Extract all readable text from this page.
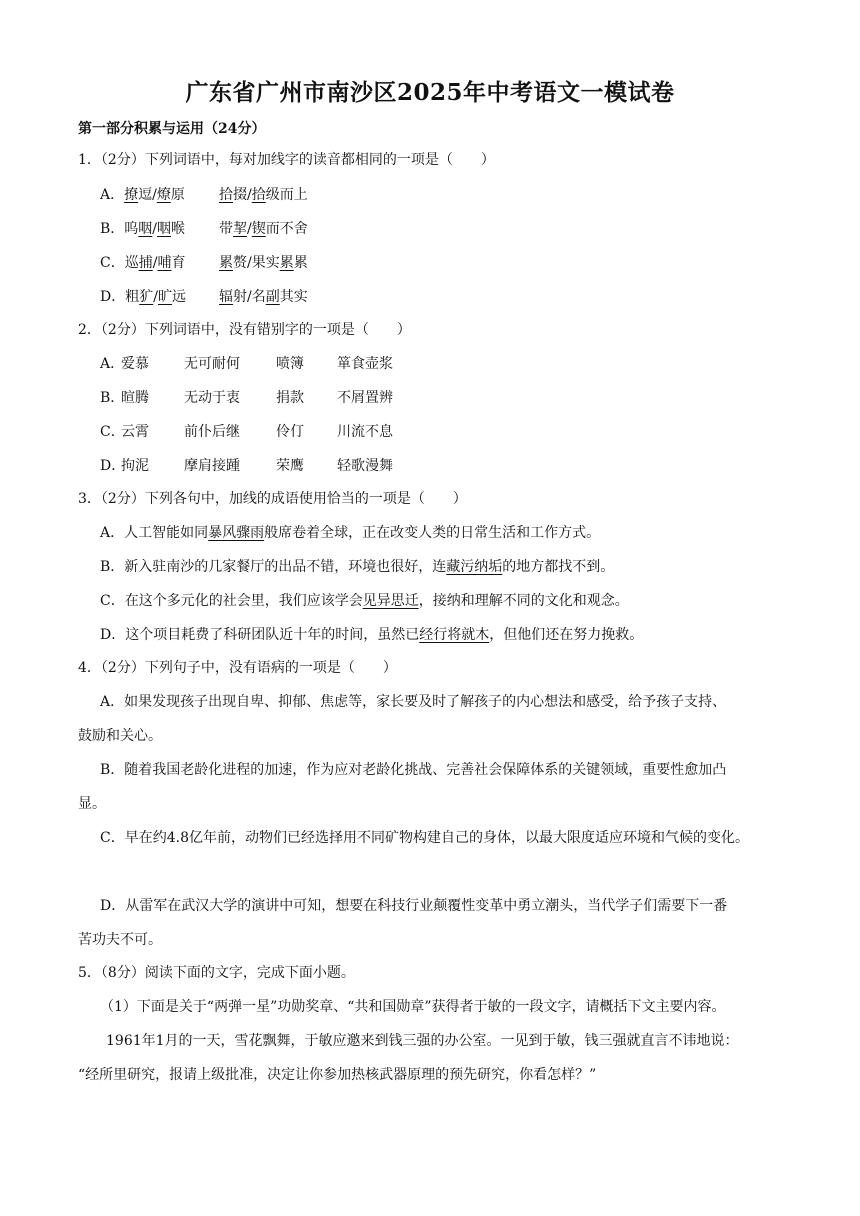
广东省广州市南沙区2025年中考语文一模试卷
第一部分积累与运用（24分）
1．（2分）下列词语中，每对加线字的读音都相同的一项是（　　）
A．撩逗/燎原 拾掇/拾级而上
B．呜咽/咽喉 带挈/锲而不舍
C．巡捕/哺育 累赘/果实累累
D．粗犷/旷远 辐射/名副其实
2．（2分）下列词语中，没有错别字的一项是（　　）
A．
爱慕	无可耐何	喷簿 箪食壶浆
B．
暄腾	无动于衷	捐款 不屑置辨
C．
云霄	前仆后继	伶仃 川流不息
D．
拘泥	摩肩接踵	荣鹰 轻歌漫舞
3．（2分）下列各句中，加线的成语使用恰当的一项是（　　）
A．人工智能如同暴风骤雨般席卷着全球，正在改变人类的日常生活和工作方式。
B．新入驻南沙的几家餐厅的出品不错，环境也很好，连藏污纳垢的地方都找不到。
C．在这个多元化的社会里，我们应该学会见异思迁，接纳和理解不同的文化和观念。
D．这个项目耗费了科研团队近十年的时间，虽然已经行将就木，但他们还在努力挽救。
4．（2分）下列句子中，没有语病的一项是（　　）
A．如果发现孩子出现自卑、抑郁、焦虑等，家长要及时了解孩子的内心想法和感受，给予孩子支持、
鼓励和关心。
B．随着我国老龄化进程的加速，作为应对老龄化挑战、完善社会保障体系的关键领域，重要性愈加凸
显。
C．早在约4.8亿年前，动物们已经选择用不同矿物构建自己的身体，以最大限度适应环境和气候的变化。
D．从雷军在武汉大学的演讲中可知，想要在科技行业颠覆性变革中勇立潮头，当代学子们需要下一番
苦功夫不可。
5．（8分）阅读下面的文字，完成下面小题。
（1）下面是关于“两弹一星”功勋奖章、“共和国勋章”获得者于敏的一段文字，请概括下文主要内容。
1961年1月的一天，雪花飘舞，于敏应邀来到钱三强的办公室。一见到于敏，钱三强就直言不讳地说：
“经所里研究，报请上级批准，决定让你参加热核武器原理的预先研究，你看怎样？”
